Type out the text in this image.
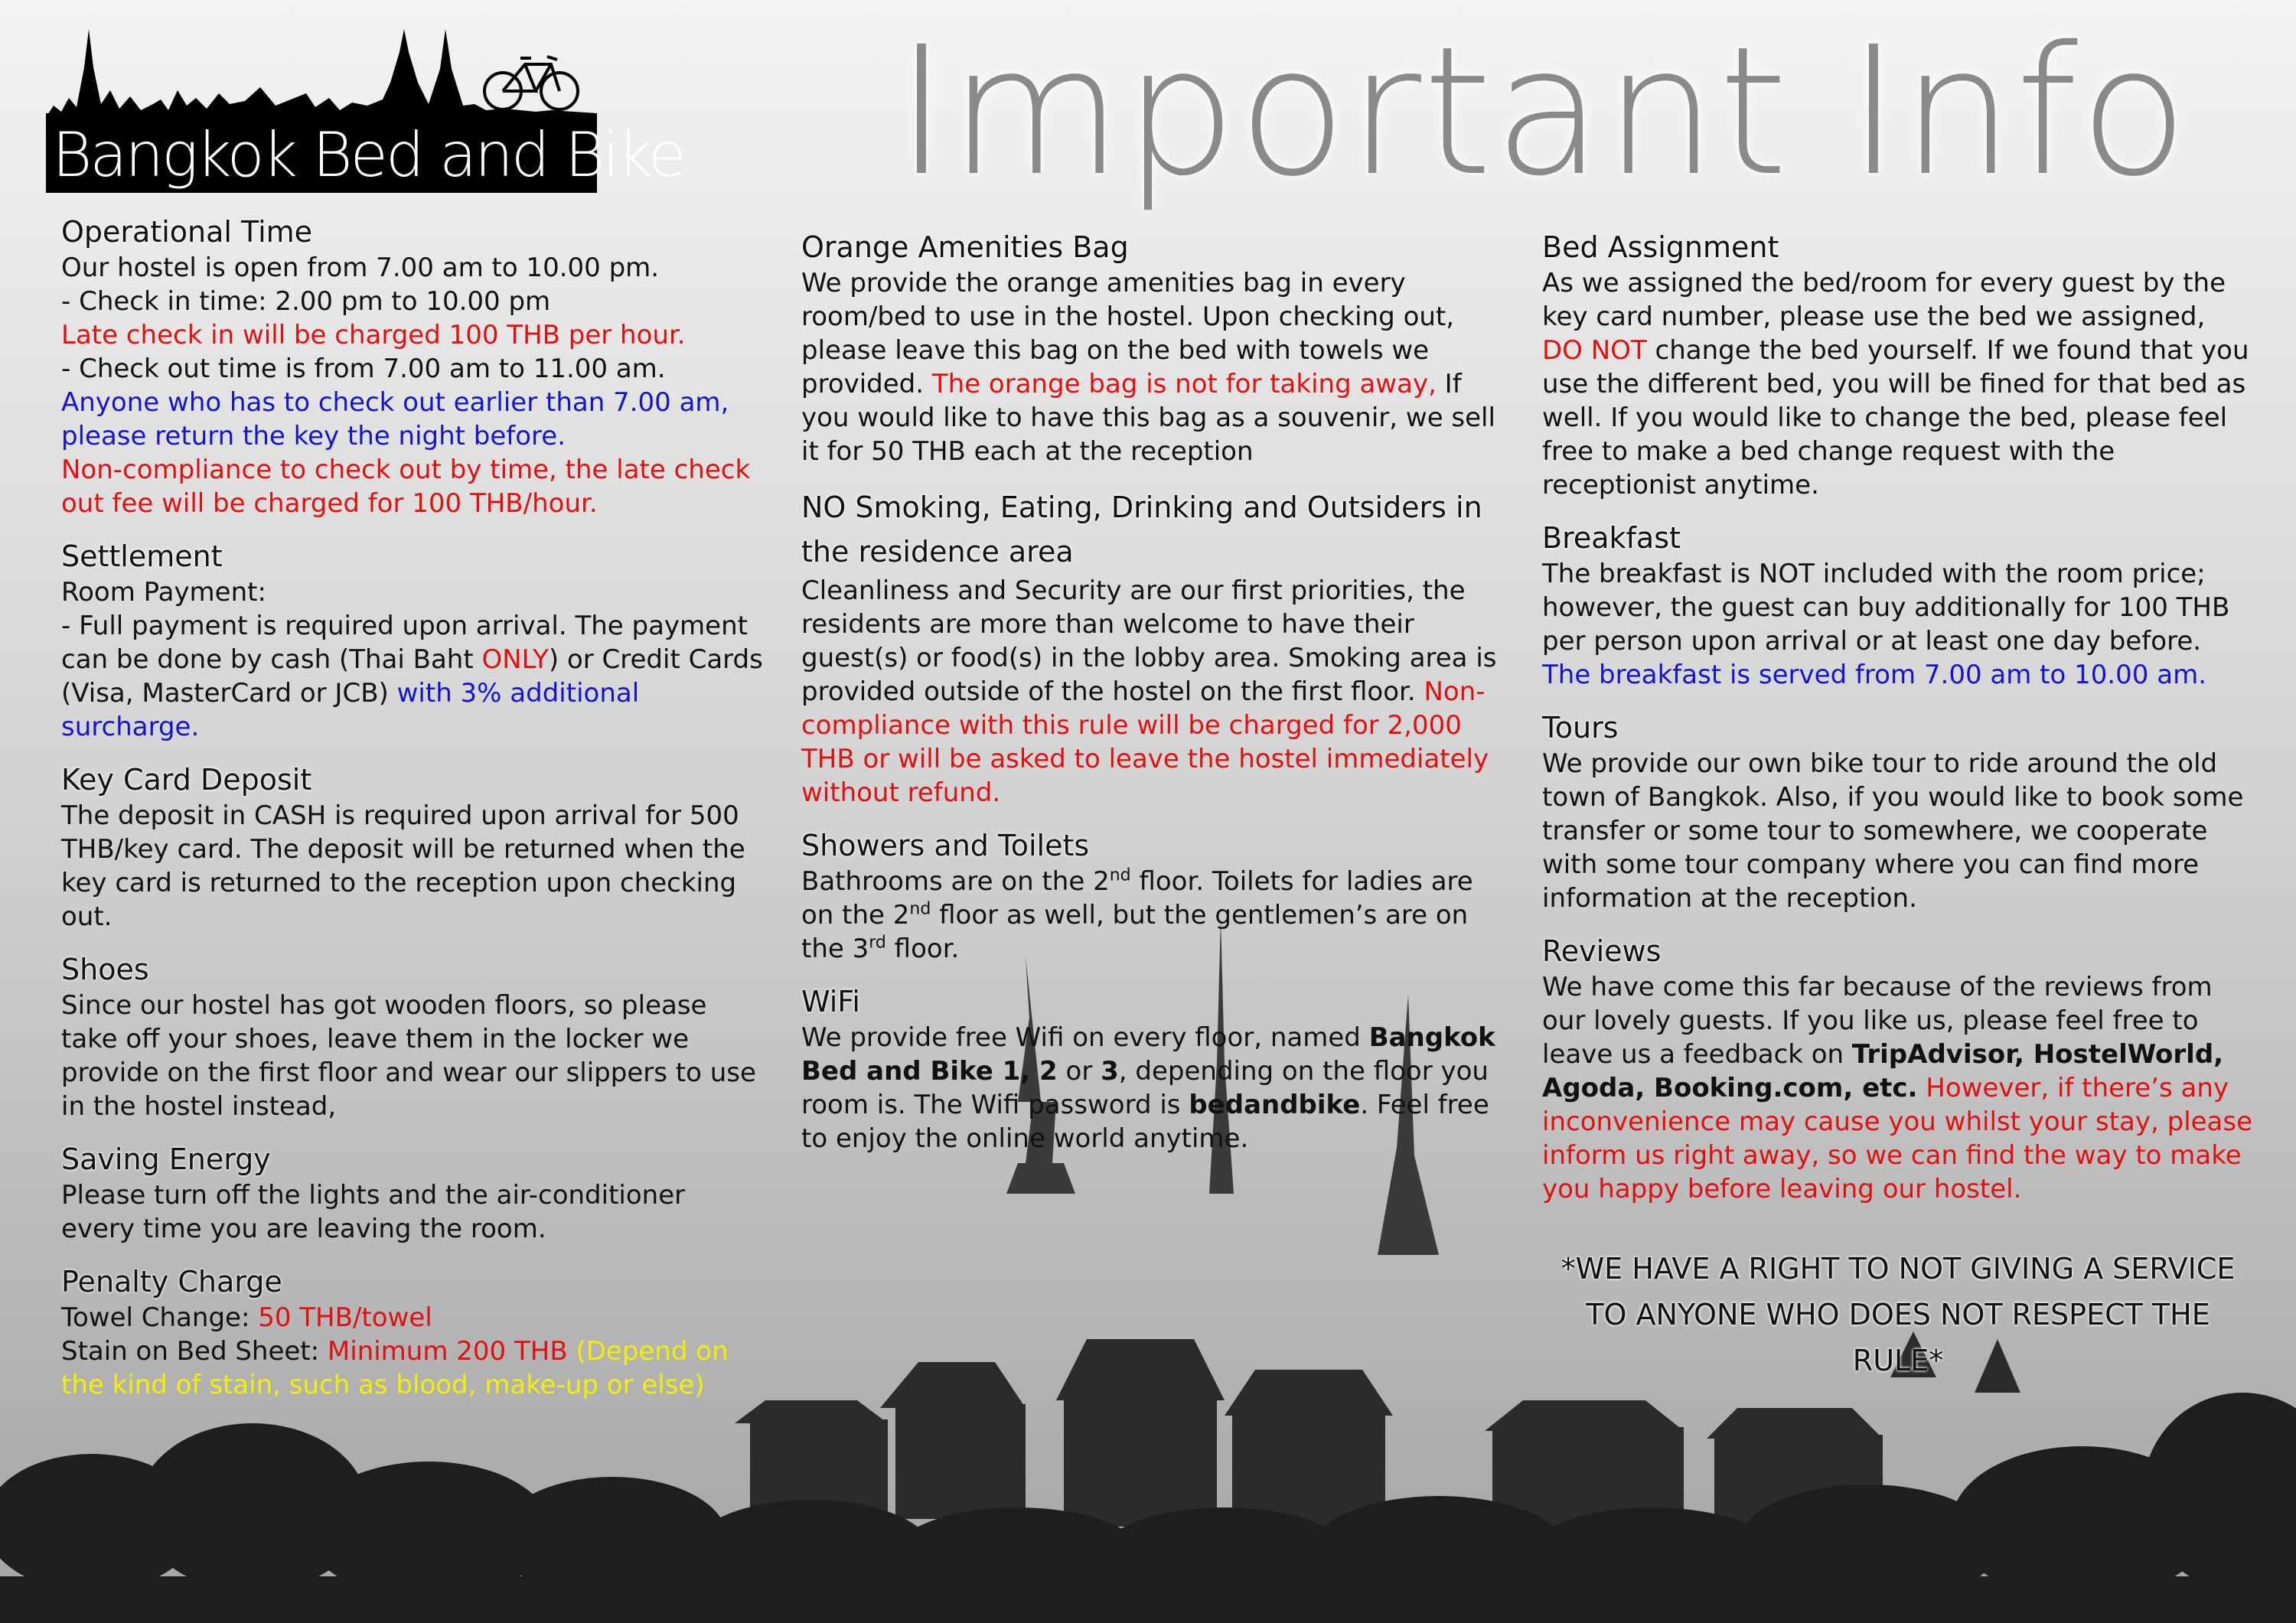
Bangkok Bed and Bike Important Info
Operational Time

Our hostel is open from 7.00 am to 10.00 pm.

- Check in time: 2.00 pm to 10.00 pm

Late check in will be charged 100 THB per hour.

- Check out time is from 7.00 am to 11.00 am.

Anyone who has to check out earlier than 7.00 am, please return the key the night before.

Non-compliance to check out by time, the late check out fee will be charged for 100 THB/hour.

Settlement

Room Payment:

- Full payment is required upon arrival. The payment can be done by cash (Thai Baht ONLY) or Credit Cards (Visa, MasterCard or JCB) with 3% additional surcharge.

Key Card Deposit

The deposit in CASH is required upon arrival for 500 THB/key card. The deposit will be returned when the key card is returned to the reception upon checking out.

Shoes

Since our hostel has got wooden floors, so please take off your shoes, leave them in the locker we provide on the first floor and wear our slippers to use in the hostel instead,

Saving Energy

Please turn off the lights and the air-conditioner every time you are leaving the room.

Penalty Charge

Towel Change: 50 THB/towel

Stain on Bed Sheet: Minimum 200 THB (Depend on the kind of stain, such as blood, make-up or else)

Orange Amenities Bag

We provide the orange amenities bag in every room/bed to use in the hostel. Upon checking out, please leave this bag on the bed with towels we provided. The orange bag is not for taking away, If you would like to have this bag as a souvenir, we sell it for 50 THB each at the reception

NO Smoking, Eating, Drinking and Outsiders in the residence area

Cleanliness and Security are our first priorities, the residents are more than welcome to have their guest(s) or food(s) in the lobby area. Smoking area is provided outside of the hostel on the first floor. Non-compliance with this rule will be charged for 2,000 THB or will be asked to leave the hostel immediately without refund.

Showers and Toilets

Bathrooms are on the 2nd floor. Toilets for ladies are on the 2nd floor as well, but the gentlemen’s are on the 3rd floor.

WiFi

We provide free Wifi on every floor, named Bangkok Bed and Bike 1, 2 or 3, depending on the floor you room is. The Wifi password is bedandbike. Feel free to enjoy the online world anytime.

Bed Assignment

As we assigned the bed/room for every guest by the key card number, please use the bed we assigned, DO NOT change the bed yourself. If we found that you use the different bed, you will be fined for that bed as well. If you would like to change the bed, please feel free to make a bed change request with the receptionist anytime.

Breakfast

The breakfast is NOT included with the room price; however, the guest can buy additionally for 100 THB per person upon arrival or at least one day before.

The breakfast is served from 7.00 am to 10.00 am.

Tours

We provide our own bike tour to ride around the old town of Bangkok. Also, if you would like to book some transfer or some tour to somewhere, we cooperate with some tour company where you can find more information at the reception.

Reviews

We have come this far because of the reviews from our lovely guests. If you like us, please feel free to leave us a feedback on TripAdvisor, HostelWorld, Agoda, Booking.com, etc. However, if there’s any inconvenience may cause you whilst your stay, please inform us right away, so we can find the way to make you happy before leaving our hostel.

*WE HAVE A RIGHT TO NOT GIVING A SERVICE TO ANYONE WHO DOES NOT RESPECT THE RULE*
